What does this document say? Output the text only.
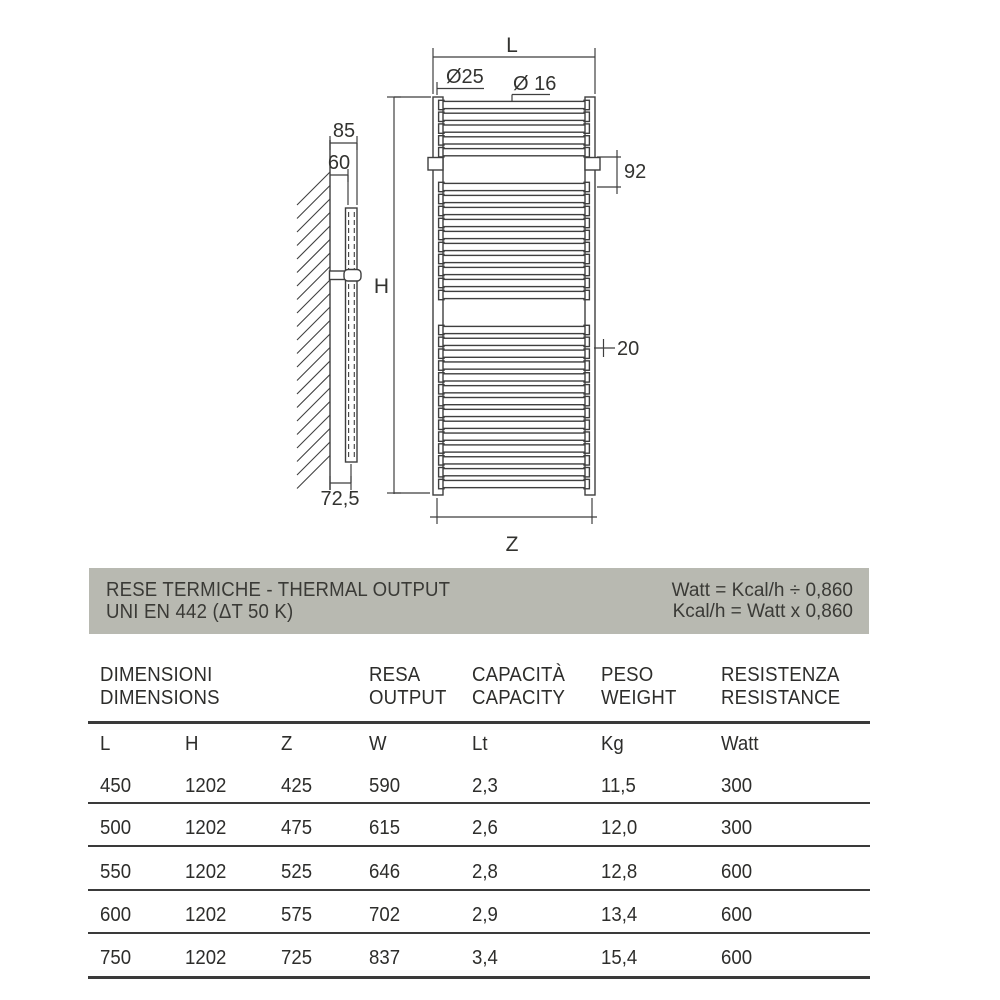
L
Ø25 Ø 16
92
20
H
85
60
72,5
Z
RESE TERMICHE - THERMAL OUTPUT
UNI EN 442 (ΔT 50 K)
Watt = Kcal/h ÷ 0,860
Kcal/h = Watt x 0,860
DIMENSIONI
DIMENSIONS
RESA
OUTPUT
CAPACITÀ
CAPACITY
PESO
WEIGHT
RESISTENZA
RESISTANCE
L	H	Z	W	Lt	Kg	Watt
450	1202	425	590	2,3	11,5	300
500	1202	475	615	2,6	12,0	300
550	1202	525	646	2,8	12,8	600
600	1202	575	702	2,9	13,4	600
750	1202	725	837	3,4	15,4	600
